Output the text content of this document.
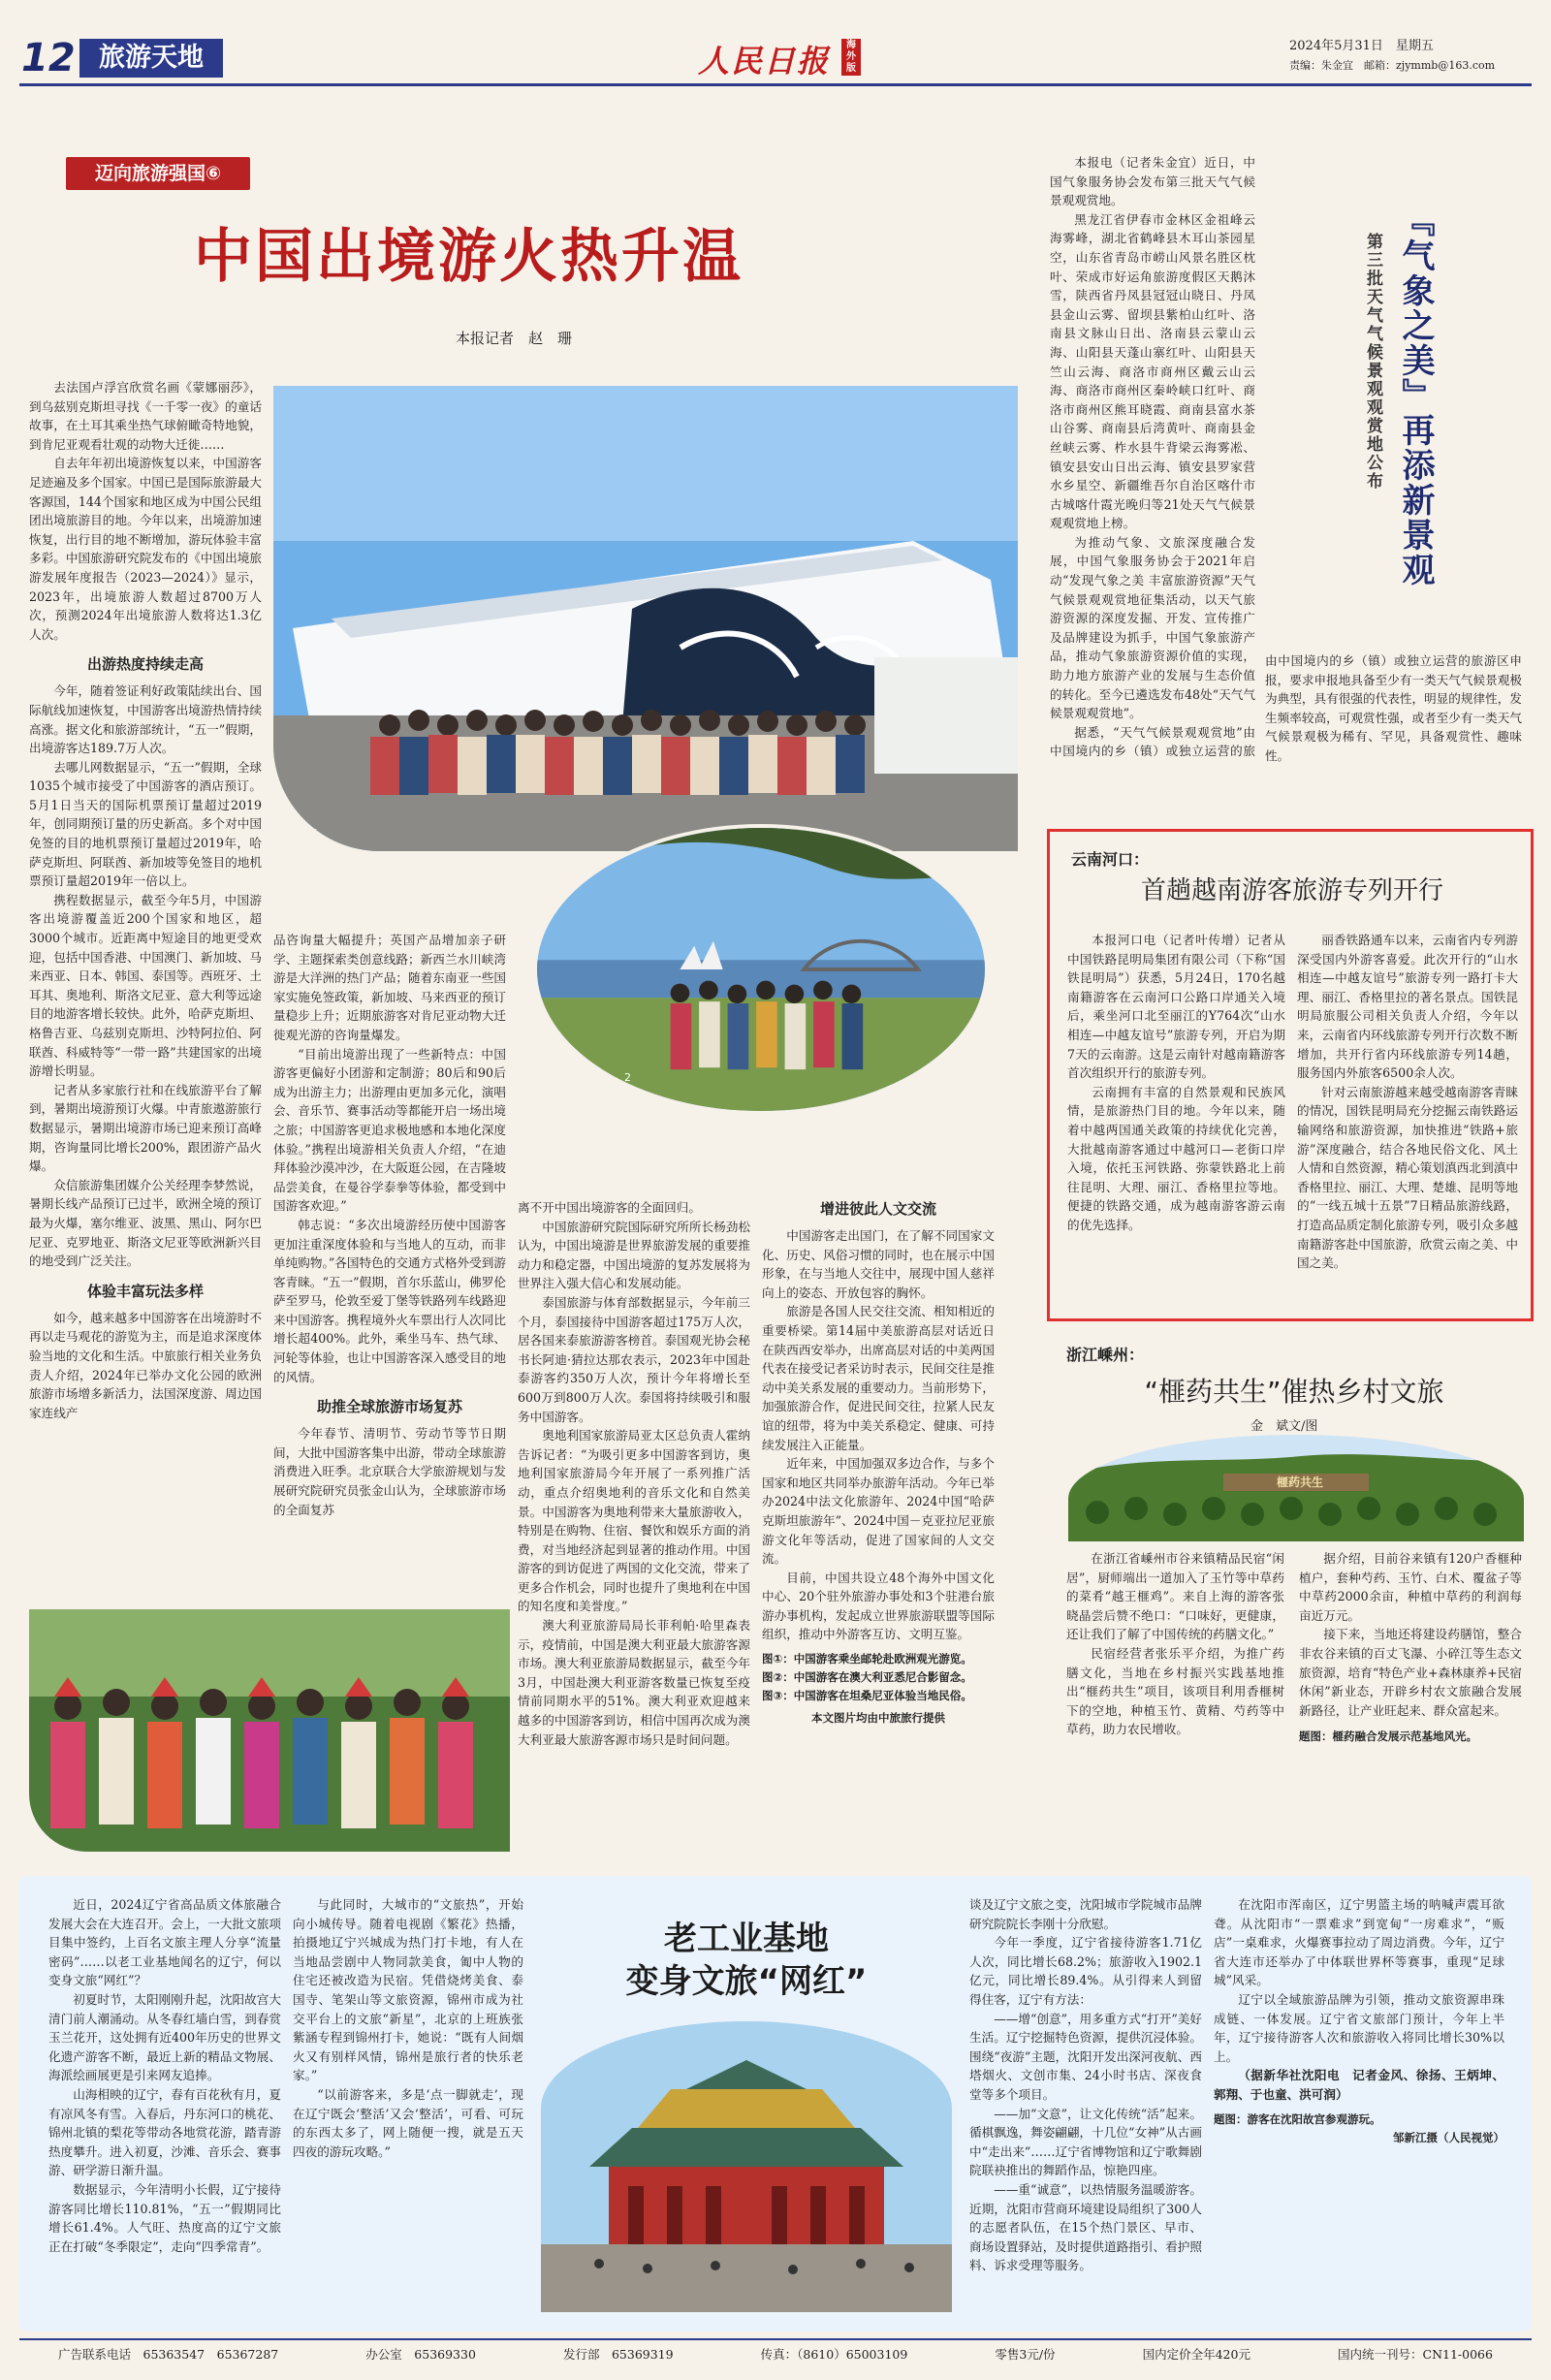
12 旅游天地	人民日报	海外版
2024年5月31日　 星期五
责编：朱金宜　 邮箱：zjymmb@163.com
迈向旅游强国⑥
中国出境游火热升温
本报记者　赵　珊

去法国卢浮宫欣赏名画《蒙娜丽莎》，到乌兹别克斯坦寻找《一千零一夜》的童话故事，在土耳其乘坐热气球俯瞰奇特地貌，到肯尼亚观看壮观的动物大迁徙……

自去年年初出境游恢复以来，中国游客足迹遍及多个国家。中国已是国际旅游最大客源国，144个国家和地区成为中国公民组团出境旅游目的地。今年以来，出境游加速恢复，出行目的地不断增加，游玩体验丰富多彩。中国旅游研究院发布的《中国出境旅游发展年度报告（2023—2024）》显示，2023年，出境旅游人数超过8700万人次，预测2024年出境旅游人数将达1.3亿人次。

出游热度持续走高

今年，随着签证利好政策陆续出台、国际航线加速恢复，中国游客出境游热情持续高涨。据文化和旅游部统计，“五一”假期，出境游客达189.7万人次。

去哪儿网数据显示，“五一”假期，全球1035个城市接受了中国游客的酒店预订。5月1日当天的国际机票预订量超过2019年，创同期预订量的历史新高。多个对中国免签的目的地机票预订量超过2019年，哈萨克斯坦、阿联酋、新加坡等免签目的地机票预订量超2019年一倍以上。

携程数据显示，截至今年5月，中国游客出境游覆盖近200个国家和地区，超3000个城市。近距离中短途目的地更受欢迎，包括中国香港、中国澳门、新加坡、马来西亚、日本、韩国、泰国等。西班牙、土耳其、奥地利、斯洛文尼亚、意大利等远途目的地游客增长较快。此外，哈萨克斯坦、格鲁吉亚、乌兹别克斯坦、沙特阿拉伯、阿联酋、科威特等“一带一路”共建国家的出境游增长明显。

记者从多家旅行社和在线旅游平台了解到，暑期出境游预订火爆。中青旅遨游旅行数据显示，暑期出境游市场已迎来预订高峰期，咨询量同比增长200%，跟团游产品火爆。

众信旅游集团媒介公关经理李梦然说，暑期长线产品预订已过半，欧洲全境的预订最为火爆，塞尔维亚、波黑、黑山、阿尔巴尼亚、克罗地亚、斯洛文尼亚等欧洲新兴目的地受到广泛关注。

体验丰富玩法多样

如今，越来越多中国游客在出境游时不再以走马观花的游览为主，而是追求深度体验当地的文化和生活。中旅旅行相关业务负责人介绍，2024年已举办文化公园的欧洲旅游市场增多新活力，法国深度游、周边国家连线产

1
2

品咨询量大幅提升；英国产品增加亲子研学、主题探索类创意线路；新西兰水川峡湾游是大洋洲的热门产品；随着东南亚一些国家实施免签政策，新加坡、马来西亚的预订量稳步上升；近期旅游客对肯尼亚动物大迁徙观光游的咨询量爆发。

“目前出境游出现了一些新特点：中国游客更偏好小团游和定制游；80后和90后成为出游主力；出游理由更加多元化，演唱会、音乐节、赛事活动等都能开启一场出境之旅；中国游客更追求极地感和本地化深度体验。”携程出境游相关负责人介绍，“在迪拜体验沙漠冲沙，在大阪逛公园，在吉隆坡品尝美食，在曼谷学泰拳等体验，都受到中国游客欢迎。”

韩志说：“多次出境游经历使中国游客更加注重深度体验和与当地人的互动，而非单纯购物。”各国特色的交通方式格外受到游客青睐。“五一”假期，首尔乐蓝山，佛罗伦萨至罗马，伦敦至爱丁堡等铁路列车线路迎来中国游客。携程境外火车票出行人次同比增长超400%。此外，乘坐马车、热气球、河轮等体验，也让中国游客深入感受目的地的风情。

助推全球旅游市场复苏

今年春节、清明节、劳动节等节日期间，大批中国游客集中出游，带动全球旅游消费进入旺季。北京联合大学旅游规划与发展研究院研究员张金山认为，全球旅游市场的全面复苏

离不开中国出境游客的全面回归。

中国旅游研究院国际研究所所长杨劲松认为，中国出境游是世界旅游发展的重要推动力和稳定器，中国出境游的复苏发展将为世界注入强大信心和发展动能。

泰国旅游与体育部数据显示，今年前三个月，泰国接待中国游客超过175万人次，居各国来泰旅游游客榜首。泰国观光协会秘书长阿迪·猜拉达那农表示，2023年中国赴泰游客约350万人次，预计今年将增长至600万到800万人次。泰国将持续吸引和服务中国游客。

奥地利国家旅游局亚太区总负责人霍纳告诉记者：“为吸引更多中国游客到访，奥地利国家旅游局今年开展了一系列推广活动，重点介绍奥地利的音乐文化和自然美景。中国游客为奥地利带来大量旅游收入，特别是在购物、住宿、餐饮和娱乐方面的消费，对当地经济起到显著的推动作用。中国游客的到访促进了两国的文化交流，带来了更多合作机会，同时也提升了奥地利在中国的知名度和美誉度。”

澳大利亚旅游局局长菲利帕·哈里森表示，疫情前，中国是澳大利亚最大旅游客源市场。澳大利亚旅游局数据显示，截至今年3月，中国赴澳大利亚游客数量已恢复至疫情前同期水平的51%。澳大利亚欢迎越来越多的中国游客到访，相信中国再次成为澳大利亚最大旅游客源市场只是时间问题。

增进彼此人文交流

中国游客走出国门，在了解不同国家文化、历史、风俗习惯的同时，也在展示中国形象，在与当地人交往中，展现中国人慈祥向上的姿态、开放包容的胸怀。

旅游是各国人民交往交流、相知相近的重要桥梁。第14届中美旅游高层对话近日在陕西西安举办，出席高层对话的中美两国代表在接受记者采访时表示，民间交往是推动中美关系发展的重要动力。当前形势下，加强旅游合作，促进民间交往，拉紧人民友谊的纽带，将为中美关系稳定、健康、可持续发展注入正能量。

近年来，中国加强双多边合作，与多个国家和地区共同举办旅游年活动。今年已举办2024中法文化旅游年、2024中国“哈萨克斯坦旅游年”、2024中国－克亚拉尼亚旅游文化年等活动，促进了国家间的人文交流。

目前，中国共设立48个海外中国文化中心、20个驻外旅游办事处和3个驻港台旅游办事机构，发起成立世界旅游联盟等国际组织，推动中外游客互访、文明互鉴。

图①：中国游客乘坐邮轮赴欧洲观光游览。
图②：中国游客在澳大利亚悉尼合影留念。
图③：中国游客在坦桑尼亚体验当地民俗。
本文图片均由中旅旅行提供
3

本报电（记者朱金宜）近日，中国气象服务协会发布第三批天气气候景观观赏地。

黑龙江省伊春市金林区金祖峰云海雾峰，湖北省鹤峰县木耳山茶园星空，山东省青岛市崂山风景名胜区枕叶、荣成市好运角旅游度假区天鹅沐雪，陕西省丹凤县冠冠山晓日、丹凤县金山云雾、留坝县紫柏山红叶、洛南县文脉山日出、洛南县云蒙山云海、山阳县天蓬山寨红叶、山阳县天竺山云海、商洛市商州区戴云山云海、商洛市商州区秦岭峡口红叶、商洛市商州区熊耳晓霞、商南县富水茶山谷雾、商南县后湾黄叶、商南县金丝峡云雾、柞水县牛背梁云海雾凇、镇安县安山日出云海、镇安县罗家营水乡星空、新疆维吾尔自治区喀什市古城喀什霞光晚归等21处天气气候景观观赏地上榜。

为推动气象、文旅深度融合发展，中国气象服务协会于2021年启动“发现气象之美 丰富旅游资源”天气气候景观观赏地征集活动，以天气旅游资源的深度发掘、开发、宣传推广及品牌建设为抓手，中国气象旅游产品，推动气象旅游资源价值的实现，助力地方旅游产业的发展与生态价值的转化。至今已遴选发布48处“天气气候景观观赏地”。

据悉，“天气气候景观观赏地”由中国境内的乡（镇）或独立运营的旅

『气象之美』再添新景观
第三批天气气候景观观赏地公布

由中国境内的乡（镇）或独立运营的旅游区申报，要求申报地具备至少有一类天气气候景观极为典型，具有很强的代表性，明显的规律性，发生频率较高，可观赏性强，或者至少有一类天气气候景观极为稀有、罕见，具备观赏性、趣味性。

云南河口：
首趟越南游客旅游专列开行

本报河口电（记者叶传增）记者从中国铁路昆明局集团有限公司（下称“国铁昆明局”）获悉，5月24日，170名越南籍游客在云南河口公路口岸通关入境后，乘坐河口北至丽江的Y764次“山水相连—中越友谊号”旅游专列，开启为期7天的云南游。这是云南针对越南籍游客首次组织开行的旅游专列。

云南拥有丰富的自然景观和民族风情，是旅游热门目的地。今年以来，随着中越两国通关政策的持续优化完善，大批越南游客通过中越河口—老街口岸入境，依托玉河铁路、弥蒙铁路北上前往昆明、大理、丽江、香格里拉等地。便捷的铁路交通，成为越南游客游云南的优先选择。

丽香铁路通车以来，云南省内专列游深受国内外游客喜爱。此次开行的“山水相连—中越友谊号”旅游专列一路打卡大理、丽江、香格里拉的著名景点。国铁昆明局旅服公司相关负责人介绍，今年以来，云南省内环线旅游专列开行次数不断增加，共开行省内环线旅游专列14趟，服务国内外旅客6500余人次。

针对云南旅游越来越受越南游客青睐的情况，国铁昆明局充分挖掘云南铁路运输网络和旅游资源，加快推进“铁路+旅游”深度融合，结合各地民俗文化、风土人情和自然资源，精心策划滇西北到滇中香格里拉、丽江、大理、楚雄、昆明等地的“一线五城十五景”7日精品旅游线路，打造高品质定制化旅游专列，吸引众多越南籍游客赴中国旅游，欣赏云南之美、中国之美。

浙江嵊州：
“榧药共生”催热乡村文旅
金　斌文/图
榧药共生

在浙江省嵊州市谷来镇精品民宿“闲居”，厨师端出一道加入了玉竹等中草药的菜肴“越王榧鸡”。来自上海的游客张晓晶尝后赞不绝口：“口味好，更健康，还让我们了解了中国传统的药膳文化。”

民宿经营者张乐平介绍，为推广药膳文化，当地在乡村振兴实践基地推出“榧药共生”项目，该项目利用香榧树下的空地，种植玉竹、黄精、芍药等中草药，助力农民增收。

据介绍，目前谷来镇有120户香榧种植户，套种芍药、玉竹、白术、覆盆子等中草药2000余亩，种植中草药的利润每亩近万元。

接下来，当地还将建设药膳馆，整合非农谷来镇的百丈飞瀑、小碎江等生态文旅资源，培育“特色产业+森林康养+民宿休闲”新业态，开辟乡村农文旅融合发展新路径，让产业旺起来、群众富起来。

题图：榧药融合发展示范基地风光。

近日，2024辽宁省高品质文体旅融合发展大会在大连召开。会上，一大批文旅项目集中签约，上百名文旅主理人分享“流量密码”……以老工业基地闻名的辽宁，何以变身文旅“网红”？

初夏时节，太阳刚刚升起，沈阳故宫大清门前人潮涌动。从冬春红墙白雪，到春赏玉兰花开，这处拥有近400年历史的世界文化遗产游客不断，最近上新的精品文物展、海派绘画展更是引来网友追捧。

山海相映的辽宁，春有百花秋有月，夏有凉风冬有雪。入春后，丹东河口的桃花、锦州北镇的梨花等带动各地赏花游，踏青游热度攀升。进入初夏，沙滩、音乐会、赛事游、研学游日渐升温。

数据显示，今年清明小长假，辽宁接待游客同比增长110.81%，“五一”假期同比增长61.4%。人气旺、热度高的辽宁文旅正在打破“冬季限定”，走向“四季常青”。

与此同时，大城市的“文旅热”，开始向小城传导。随着电视剧《繁花》热播，拍摄地辽宁兴城成为热门打卡地，有人在当地品尝剧中人物同款美食，匍中人物的住宅还被改造为民宿。凭借烧烤美食、泰国寺、笔架山等文旅资源，锦州市成为社交平台上的文旅“新星”，北京的上班族张紫涵专程到锦州打卡，她说：“既有人间烟火又有别样风情，锦州是旅行者的快乐老家。”

“以前游客来，多是‘点一脚就走’，现在辽宁既会‘整活’又会‘整活’，可看、可玩的东西太多了，网上随便一搜，就是五天四夜的游玩攻略。”

老工业基地
变身文旅“网红”

谈及辽宁文旅之变，沈阳城市学院城市品牌研究院院长李刚十分欣慰。

今年一季度，辽宁省接待游客1.71亿人次，同比增长68.2%；旅游收入1902.1亿元，同比增长89.4%。从引得来人到留得住客，辽宁有方法：

——增“创意”，用多重方式“打开”美好生活。辽宁挖掘特色资源，提供沉浸体验。围绕“夜游”主题，沈阳开发出深河夜航、西塔烟火、文创市集、24小时书店、深夜食堂等多个项目。

——加“文意”，让文化传统“活”起来。循棋飘逸，舞姿翩翩，十几位“女神”从古画中“走出来”……辽宁省博物馆和辽宁歌舞剧院联袂推出的舞蹈作品，惊艳四座。

——重“诚意”，以热情服务温暖游客。近期，沈阳市营商环境建设局组织了300人的志愿者队伍，在15个热门景区、早市、商场设置驿站，及时提供道路指引、看护照料、诉求受理等服务。

在沈阳市浑南区，辽宁男篮主场的呐喊声震耳欲聋。从沈阳市“一票难求”到宽甸“一房难求”，“贩店”一桌难求，火爆赛事拉动了周边消费。今年，辽宁省大连市还举办了中体联世界杯等赛事，重现“足球城”风采。

辽宁以全域旅游品牌为引领，推动文旅资源串珠成链、一体发展。辽宁省文旅部门预计，今年上半年，辽宁接待游客人次和旅游收入将同比增长30%以上。

（据新华社沈阳电　记者金风、徐扬、王炳坤、郭翔、于也童、洪可润）

题图：游客在沈阳故宫参观游玩。
邹新江摄（人民视觉）
广告联系电话　65363547　65367287	办公室　65369330	发行部　65369319	传真：（8610）65003109	零售3元/份	国内定价全年420元	国内统一刊号：CN11-0066
